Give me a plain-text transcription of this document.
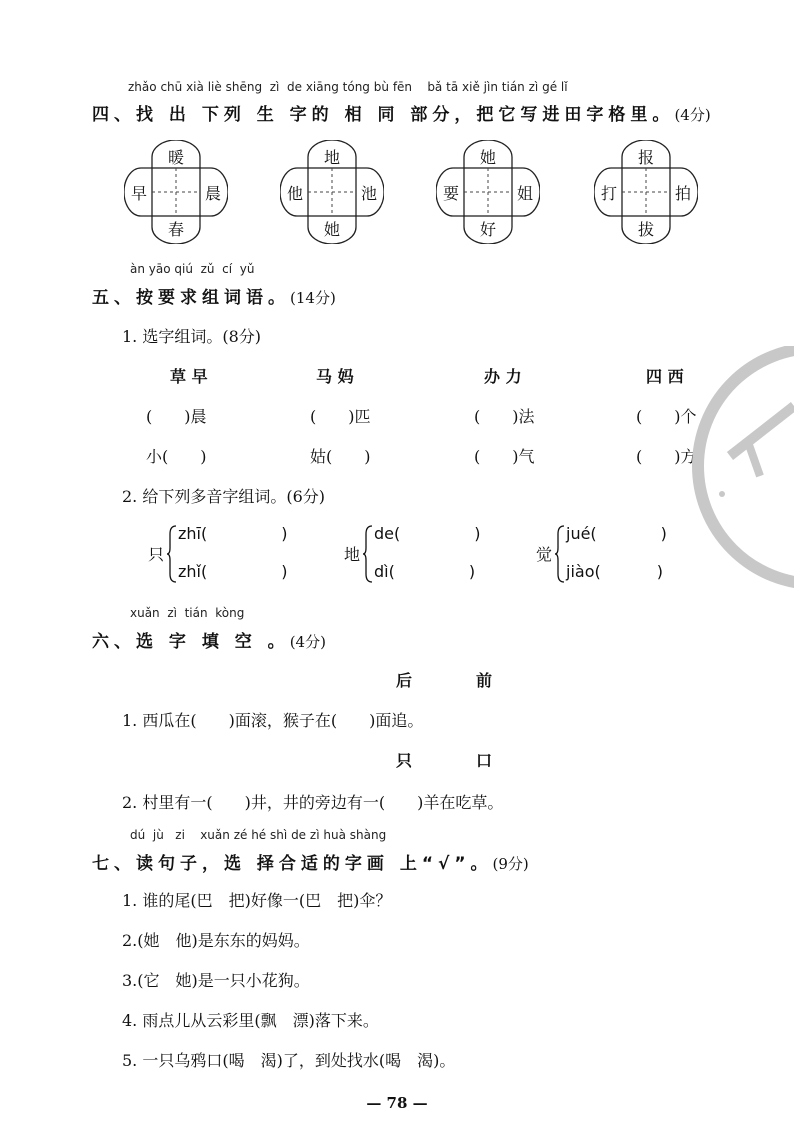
zhǎo chū xià liè shēng zì de xiāng tóng bù fēn bǎ tā xiě jìn tián zì gé lǐ
四、找 出 下列 生 字的 相 同 部分，把它写进田字格里。(4分)
暖
春
早	晨
地
她
他	池
她
好
要	姐
报
拔
打	拍
àn yāo qiú zǔ cí yǔ
五、按要求组词语。(14分)
1. 选字组词。(8分)
草 早	马 妈	办 力	四 西
(　　)晨	(　　)匹	(　　)法	(　　)个
小(　　)	姑(　　)	(　　)气	(　　)方
2. 给下列多音字组词。(6分)
只
zhī(	)
zhǐ(	)
地
de(	)
dì(	)
觉
jué(	)
jiào(	)
xuǎn zì tián kòng
六、选 字 填 空 。(4分)
后	前
1. 西瓜在(　　)面滚，猴子在(　　)面追。
只	口
2. 村里有一(　　)井，井的旁边有一(　　)羊在吃草。
dú jù zi xuǎn zé hé shì de zì huà shàng
七、读句子，选 择合适的字画 上“√”。(9分)
1. 谁的尾(巴　把)好像一(巴　把)伞？
2.(她　他)是东东的妈妈。
3.(它　她)是一只小花狗。
4. 雨点儿从云彩里(飘　漂)落下来。
5. 一只乌鸦口(喝　渴)了，到处找水(喝　渴)。
— 78 —
